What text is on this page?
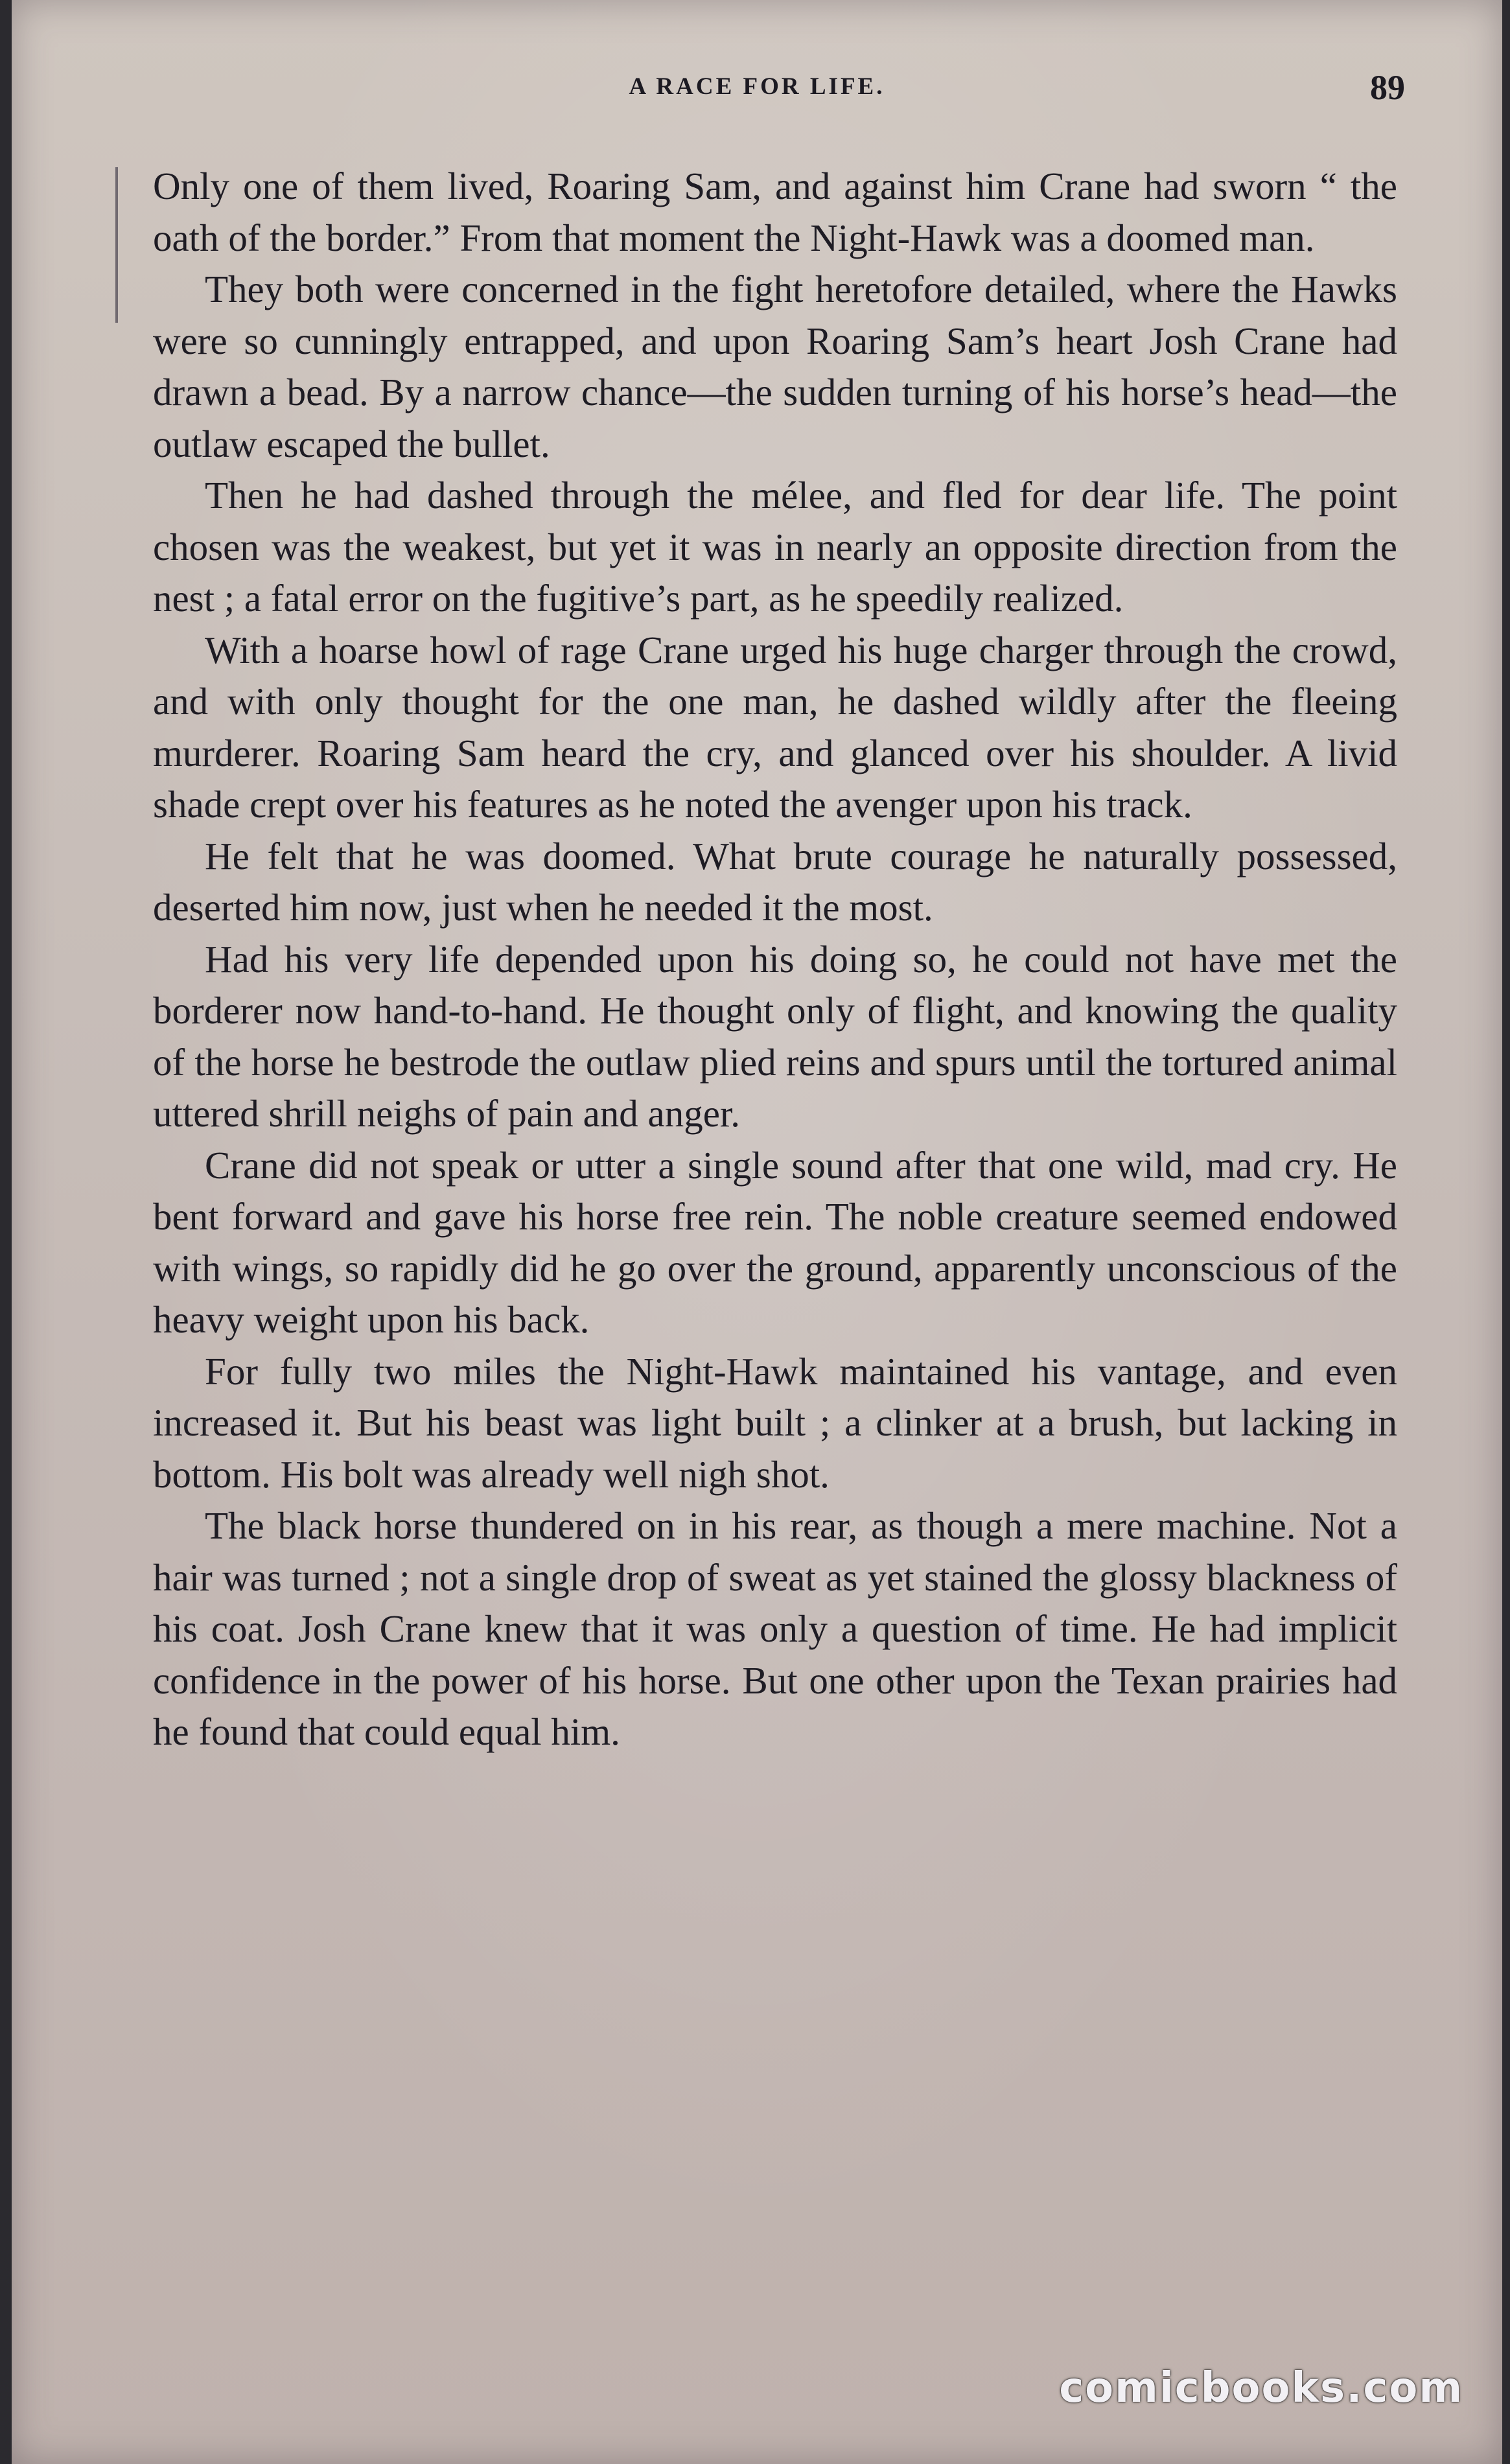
A RACE FOR LIFE.	89

Only one of them lived, Roaring Sam, and against him Crane had sworn “ the oath of the border.” From that moment the Night-Hawk was a doomed man.

They both were concerned in the fight heretofore detailed, where the Hawks were so cunningly entrapped, and upon Roaring Sam’s heart Josh Crane had drawn a bead. By a narrow chance—the sudden turning of his horse’s head—the outlaw escaped the bullet.

Then he had dashed through the mélee, and fled for dear life. The point chosen was the weakest, but yet it was in nearly an opposite direction from the nest ; a fatal error on the fugitive’s part, as he speedily realized.

With a hoarse howl of rage Crane urged his huge charger through the crowd, and with only thought for the one man, he dashed wildly after the fleeing murderer. Roaring Sam heard the cry, and glanced over his shoulder. A livid shade crept over his features as he noted the avenger upon his track.

He felt that he was doomed. What brute courage he naturally possessed, deserted him now, just when he needed it the most.

Had his very life depended upon his doing so, he could not have met the borderer now hand-to-hand. He thought only of flight, and knowing the quality of the horse he bestrode the outlaw plied reins and spurs until the tortured animal uttered shrill neighs of pain and anger.

Crane did not speak or utter a single sound after that one wild, mad cry. He bent forward and gave his horse free rein. The noble creature seemed endowed with wings, so rapidly did he go over the ground, apparently unconscious of the heavy weight upon his back.

For fully two miles the Night-Hawk maintained his vantage, and even increased it. But his beast was light built ; a clinker at a brush, but lacking in bottom. His bolt was already well nigh shot.

The black horse thundered on in his rear, as though a mere machine. Not a hair was turned ; not a single drop of sweat as yet stained the glossy blackness of his coat. Josh Crane knew that it was only a question of time. He had implicit confidence in the power of his horse. But one other upon the Texan prairies had he found that could equal him.

comicbooks.com
